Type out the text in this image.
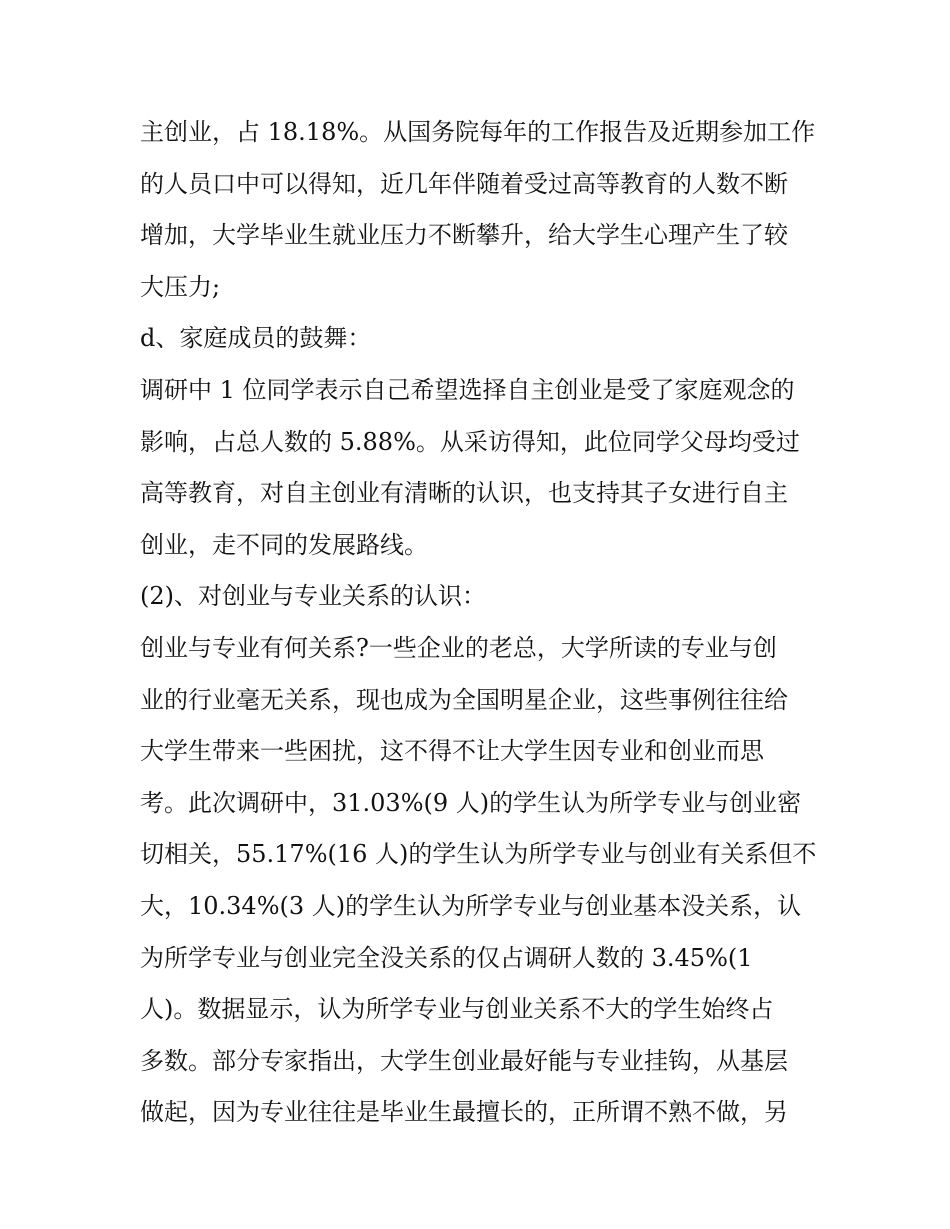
主创业，占 18.18%。从国务院每年的工作报告及近期参加工作
的人员口中可以得知，近几年伴随着受过高等教育的人数不断
增加，大学毕业生就业压力不断攀升，给大学生心理产生了较
大压力;
d、家庭成员的鼓舞：
调研中 1 位同学表示自己希望选择自主创业是受了家庭观念的
影响，占总人数的 5.88%。从采访得知，此位同学父母均受过
高等教育，对自主创业有清晰的认识，也支持其子女进行自主
创业，走不同的发展路线。
(2)、对创业与专业关系的认识：
创业与专业有何关系?一些企业的老总，大学所读的专业与创
业的行业毫无关系，现也成为全国明星企业，这些事例往往给
大学生带来一些困扰，这不得不让大学生因专业和创业而思
考。此次调研中，31.03%(9 人)的学生认为所学专业与创业密
切相关，55.17%(16 人)的学生认为所学专业与创业有关系但不
大，10.34%(3 人)的学生认为所学专业与创业基本没关系，认
为所学专业与创业完全没关系的仅占调研人数的 3.45%(1
人)。数据显示，认为所学专业与创业关系不大的学生始终占
多数。部分专家指出，大学生创业最好能与专业挂钩，从基层
做起，因为专业往往是毕业生最擅长的，正所谓不熟不做，另
